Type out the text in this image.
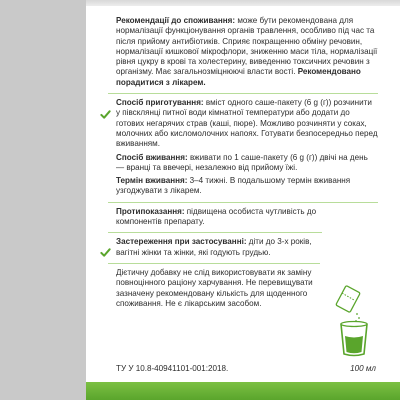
Рекомендації до споживання: може бути рекомендована для нормалізації функціонування органів травлення, особливо під час та після прийому антибіотиків. Сприяє покращенню обміну речовин, нормалізації кишкової мікрофлори, зниженню маси тіла, нормалізації рівня цукру в крові та холестерину, виведенню токсичних речовин з організму. Має загальнозміцнюючі власти вості. Рекомендовано порадитися з лікарем.

Спосіб приготування: вміст одного саше-пакету (6 g (г)) розчинити у півсклянці питної води кімнатної температури або додати до готових негарячих страв (каші, пюре). Можливо розчиняти у соках, молочних або кисломолочних напоях. Готувати безпосередньо перед вживанням.

Спосіб вживання: вживати по 1 саше-пакету (6 g (г)) двічі на день — вранці та ввечері, незалежно від прийому їжі.

Термін вживання: 3–4 тижні. В подальшому термін вживання узгоджувати з лікарем.

Протипоказання: підвищена особиста чутливість до компонентів препарату.

Застереження при застосуванні: діти до 3-х років, вагітні жінки та жінки, які годують грудью.

Дієтичну добавку не слід використовувати як заміну повноцінного раціону харчування. Не перевищувати зазначену рекомендовану кількість для щоденного споживання. Не є лікарським засобом.

ТУ У 10.8-40941101-001:2018.	100 мл
